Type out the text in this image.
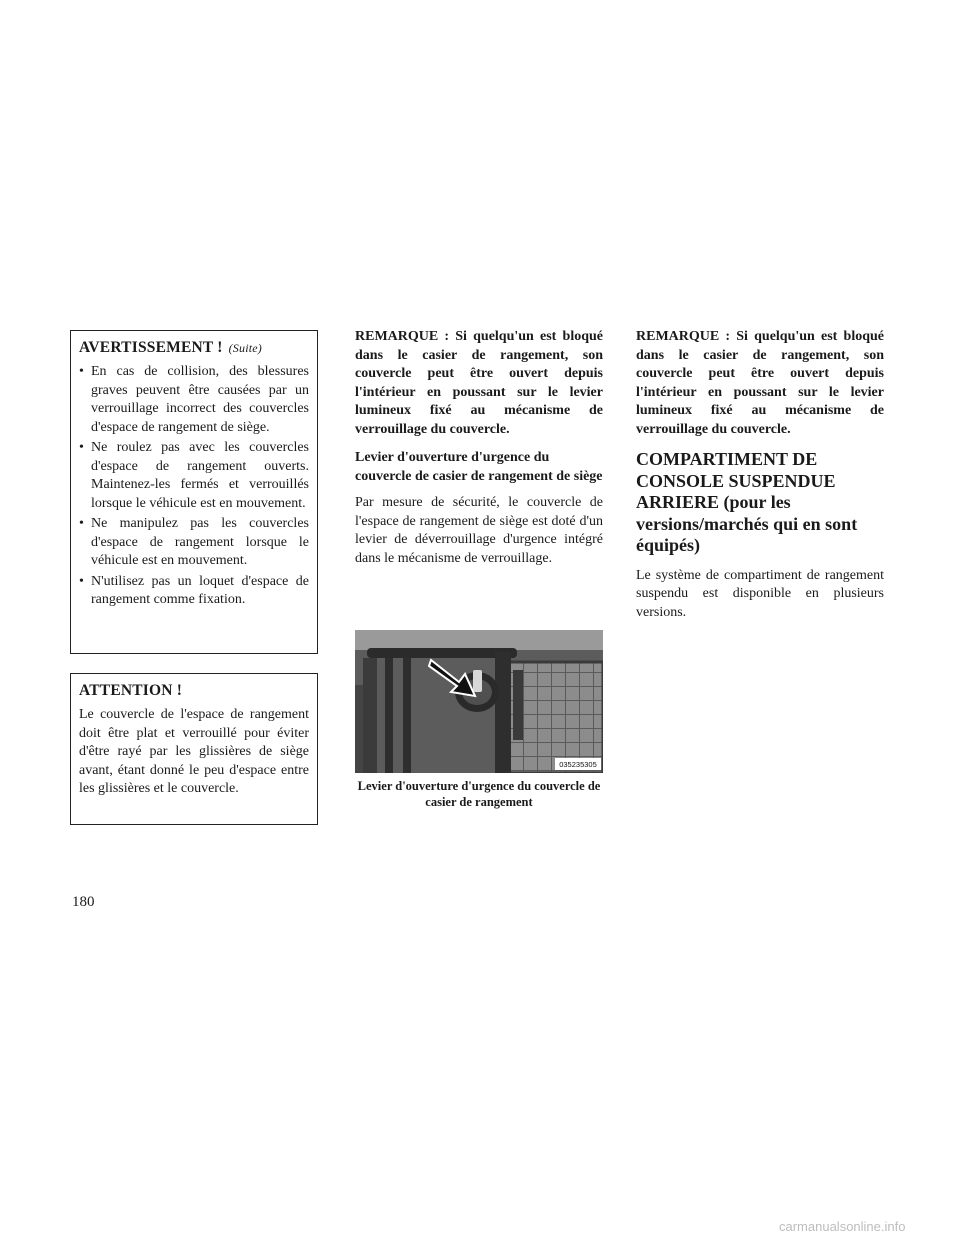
AVERTISSEMENT ! (Suite)
• En cas de collision, des blessures graves peuvent être causées par un verrouillage incorrect des couvercles d'espace de rangement de siège.
• Ne roulez pas avec les couvercles d'espace de rangement ouverts. Maintenez-les fermés et verrouillés lorsque le véhicule est en mouvement.
• Ne manipulez pas les couvercles d'espace de rangement lorsque le véhicule est en mouvement.
• N'utilisez pas un loquet d'espace de rangement comme fixation.
ATTENTION !

Le couvercle de l'espace de rangement doit être plat et verrouillé pour éviter d'être rayé par les glissières de siège avant, étant donné le peu d'espace entre les glissières et le couvercle.

REMARQUE : Si quelqu'un est bloqué dans le casier de rangement, son couvercle peut être ouvert depuis l'intérieur en poussant sur le levier lumineux fixé au mécanisme de verrouillage du couvercle.

Levier d'ouverture d'urgence du couvercle de casier de rangement de siège

Par mesure de sécurité, le couvercle de l'espace de rangement de siège est doté d'un levier de déverrouillage d'urgence intégré dans le mécanisme de verrouillage.

035235305
Levier d'ouverture d'urgence du couvercle de casier de rangement

REMARQUE : Si quelqu'un est bloqué dans le casier de rangement, son couvercle peut être ouvert depuis l'intérieur en poussant sur le levier lumineux fixé au mécanisme de verrouillage du couvercle.

COMPARTIMENT DE CONSOLE SUSPENDUE ARRIERE (pour les versions/marchés qui en sont équipés)

Le système de compartiment de rangement suspendu est disponible en plusieurs versions.

180
carmanualsonline.info
